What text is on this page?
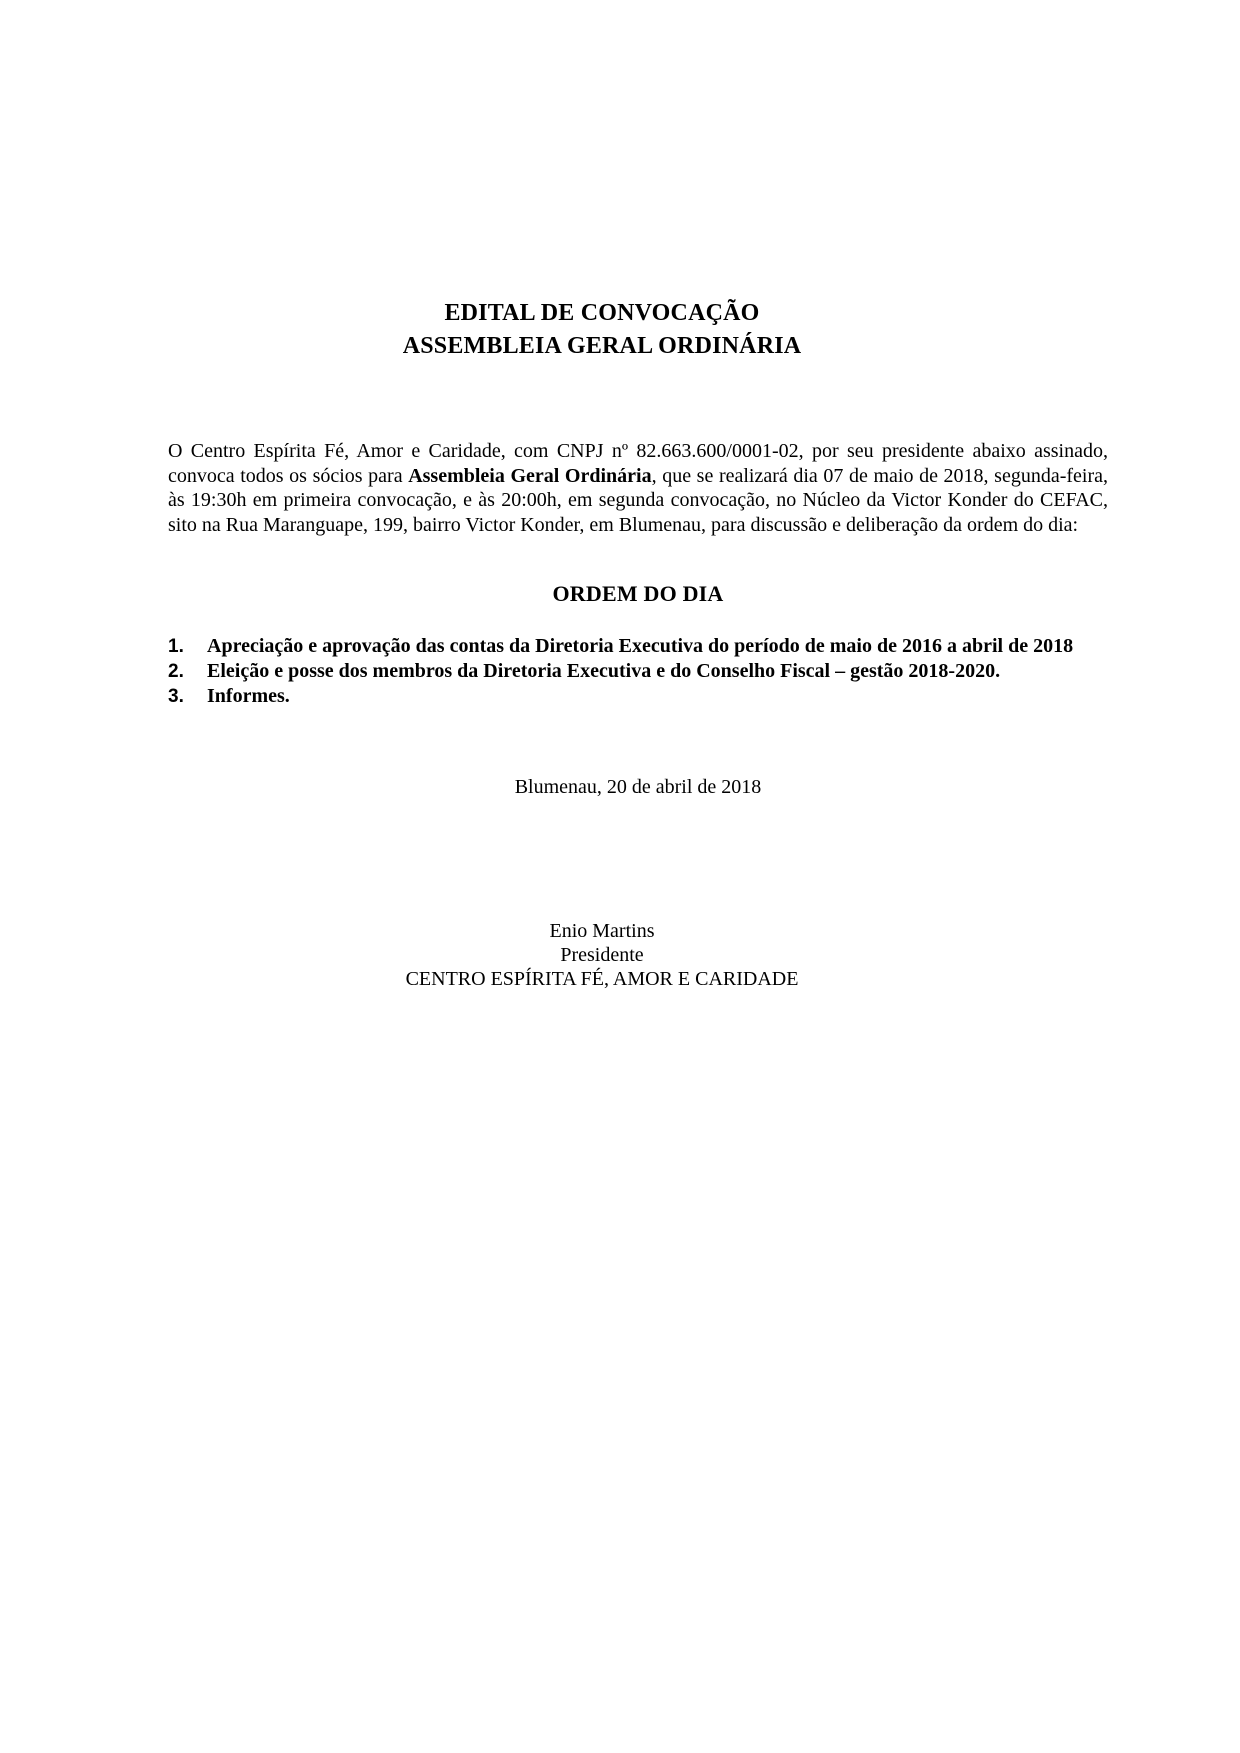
EDITAL DE CONVOCAÇÃO
ASSEMBLEIA GERAL ORDINÁRIA

O Centro Espírita Fé, Amor e Caridade, com CNPJ nº 82.663.600/0001-02, por seu presidente abaixo assinado, convoca todos os sócios para Assembleia Geral Ordinária, que se realizará dia 07 de maio de 2018, segunda-feira, às 19:30h em primeira convocação, e às 20:00h, em segunda convocação, no Núcleo da Victor Konder do CEFAC, sito na Rua Maranguape, 199, bairro Victor Konder, em Blumenau, para discussão e deliberação da ordem do dia:

ORDEM DO DIA
1.	Apreciação e aprovação das contas da Diretoria Executiva do período de maio de 2016 a abril de 2018
2.	Eleição e posse dos membros da Diretoria Executiva e do Conselho Fiscal – gestão 2018-2020.
3.	Informes.
Blumenau, 20 de abril de 2018
Enio Martins
Presidente
CENTRO ESPÍRITA FÉ, AMOR E CARIDADE
